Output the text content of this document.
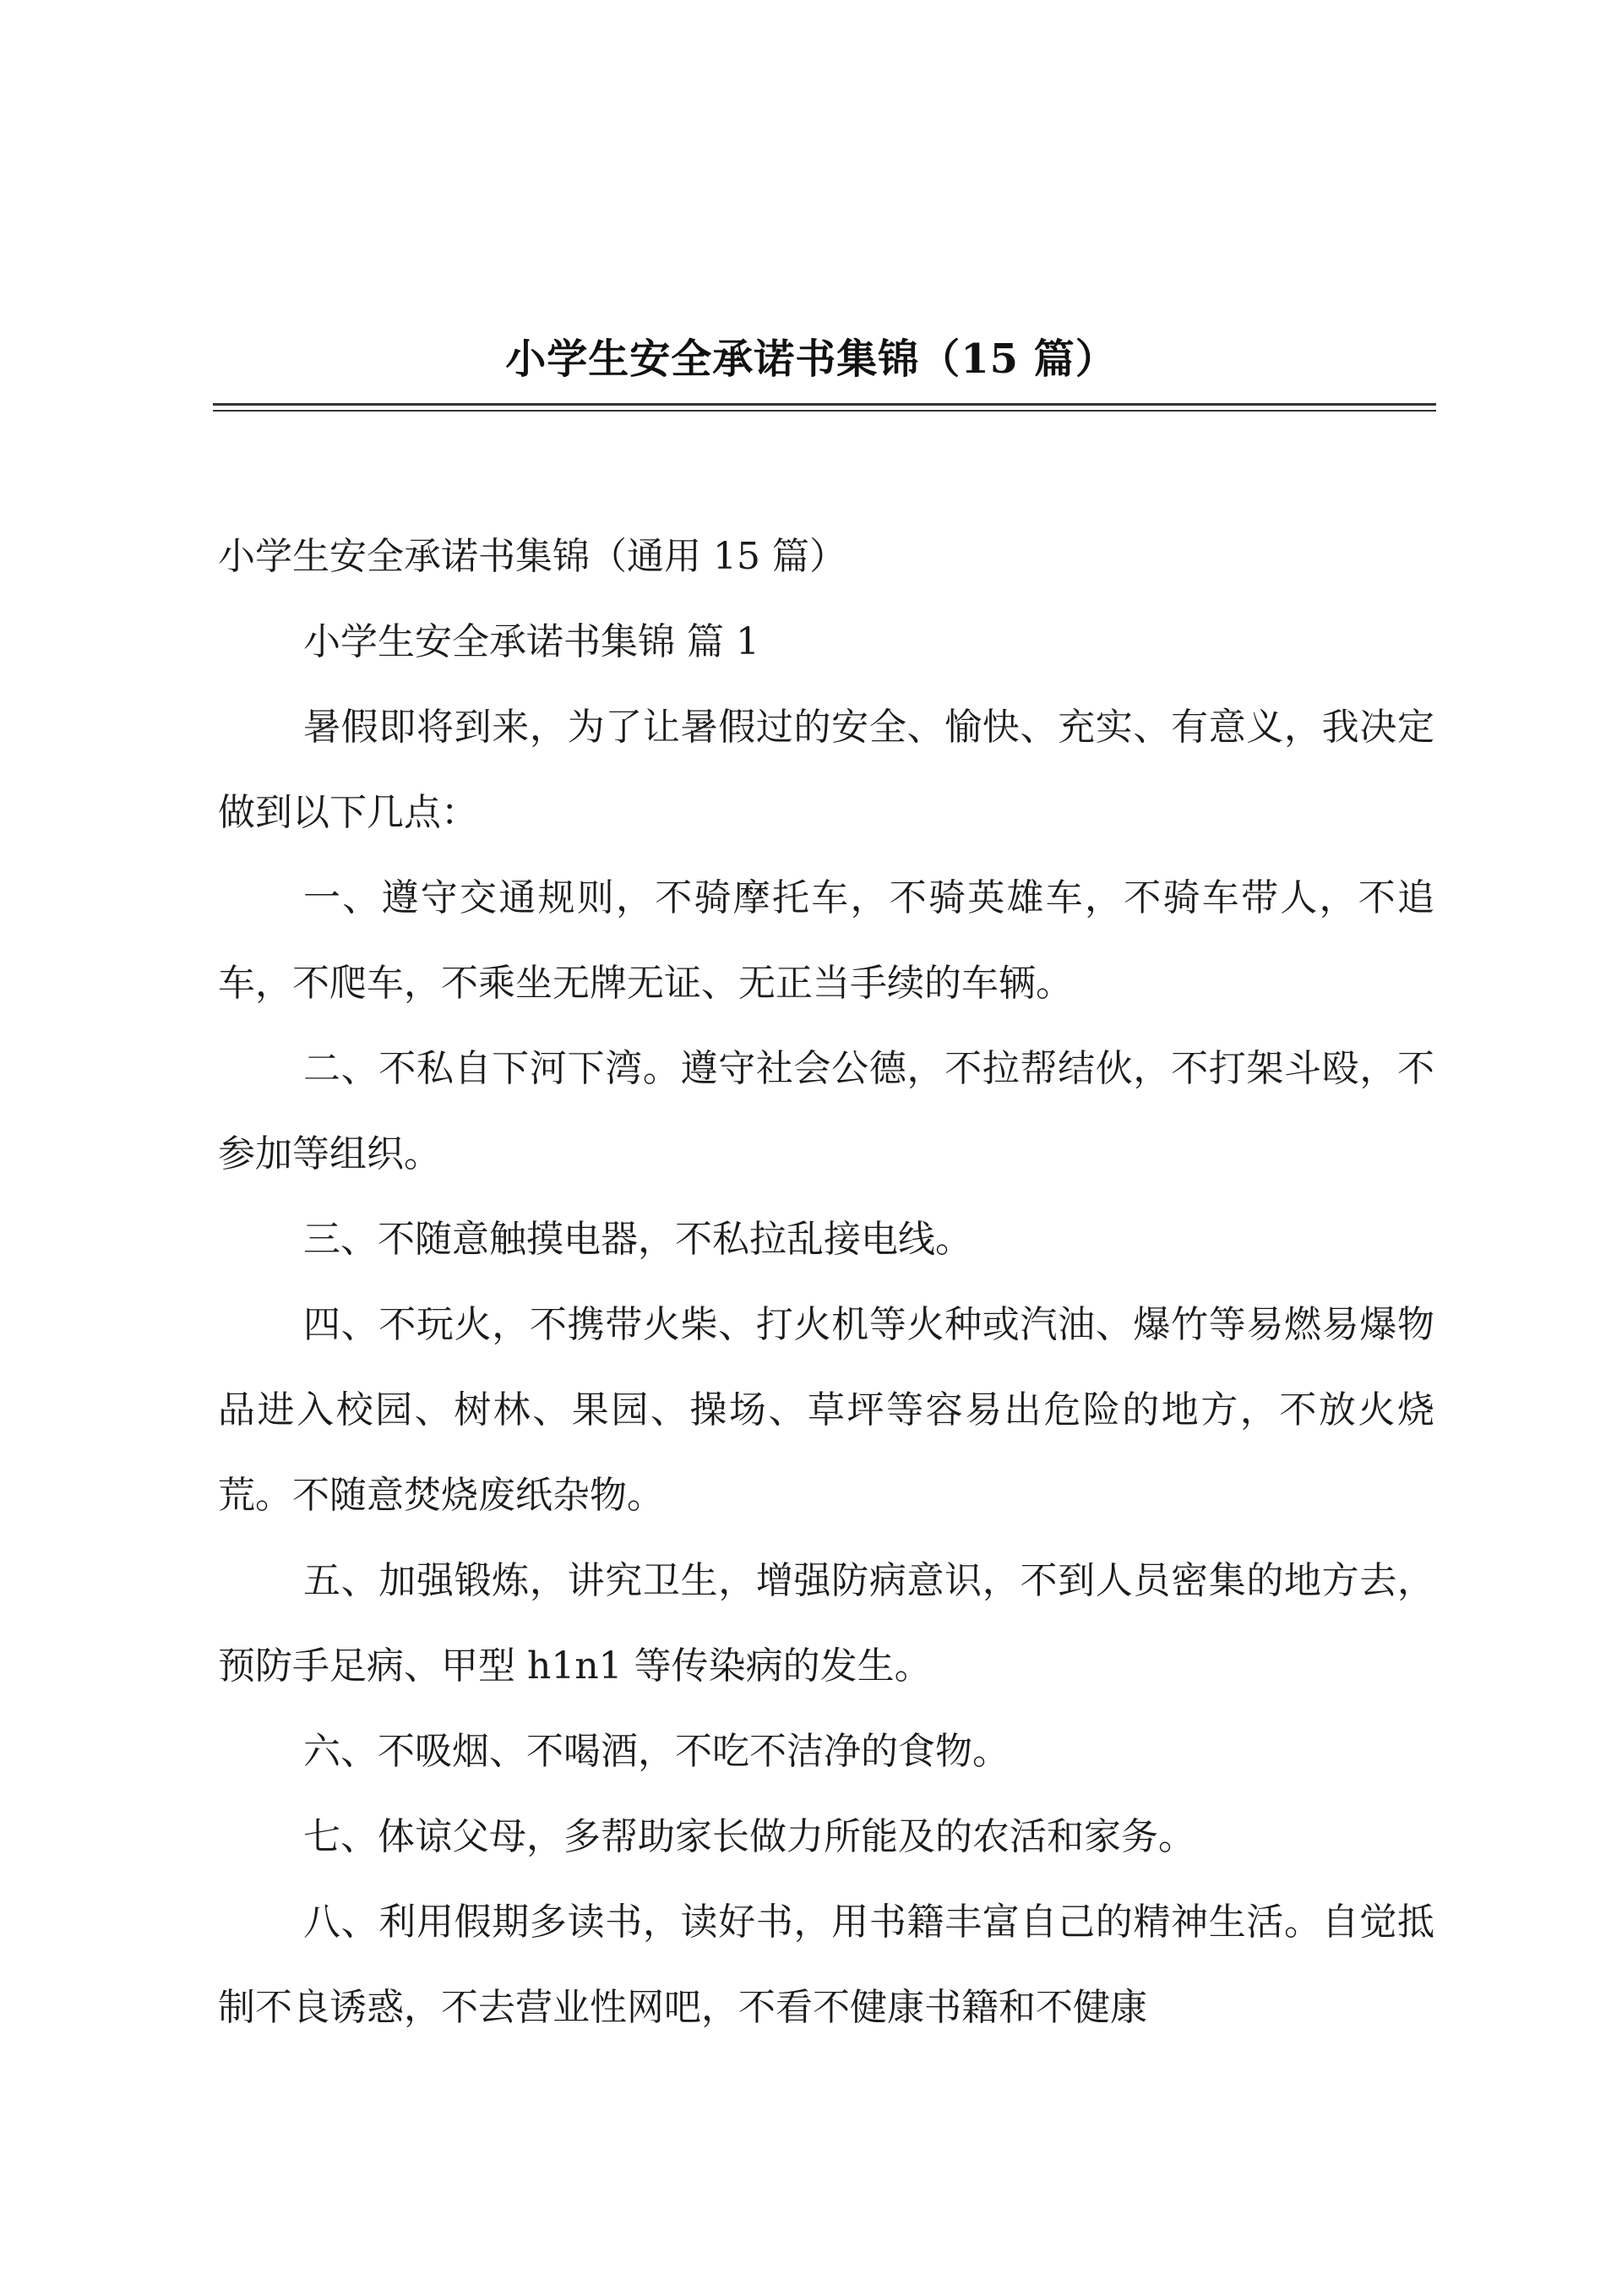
小学生安全承诺书集锦（15 篇）

小学生安全承诺书集锦（通用 15 篇）

小学生安全承诺书集锦 篇 1

暑假即将到来，为了让暑假过的安全、愉快、充实、有意义，我决定做到以下几点：

一、遵守交通规则，不骑摩托车，不骑英雄车，不骑车带人，不追车，不爬车，不乘坐无牌无证、无正当手续的车辆。

二、不私自下河下湾。遵守社会公德，不拉帮结伙，不打架斗殴，不参加等组织。

三、不随意触摸电器，不私拉乱接电线。

四、不玩火，不携带火柴、打火机等火种或汽油、爆竹等易燃易爆物品进入校园、树林、果园、操场、草坪等容易出危险的地方，不放火烧荒。不随意焚烧废纸杂物。

五、加强锻炼，讲究卫生，增强防病意识，不到人员密集的地方去，预防手足病、甲型 h1n1 等传染病的发生。

六、不吸烟、不喝酒，不吃不洁净的食物。

七、体谅父母，多帮助家长做力所能及的农活和家务。

八、利用假期多读书，读好书，用书籍丰富自己的精神生活。自觉抵制不良诱惑，不去营业性网吧，不看不健康书籍和不健康
